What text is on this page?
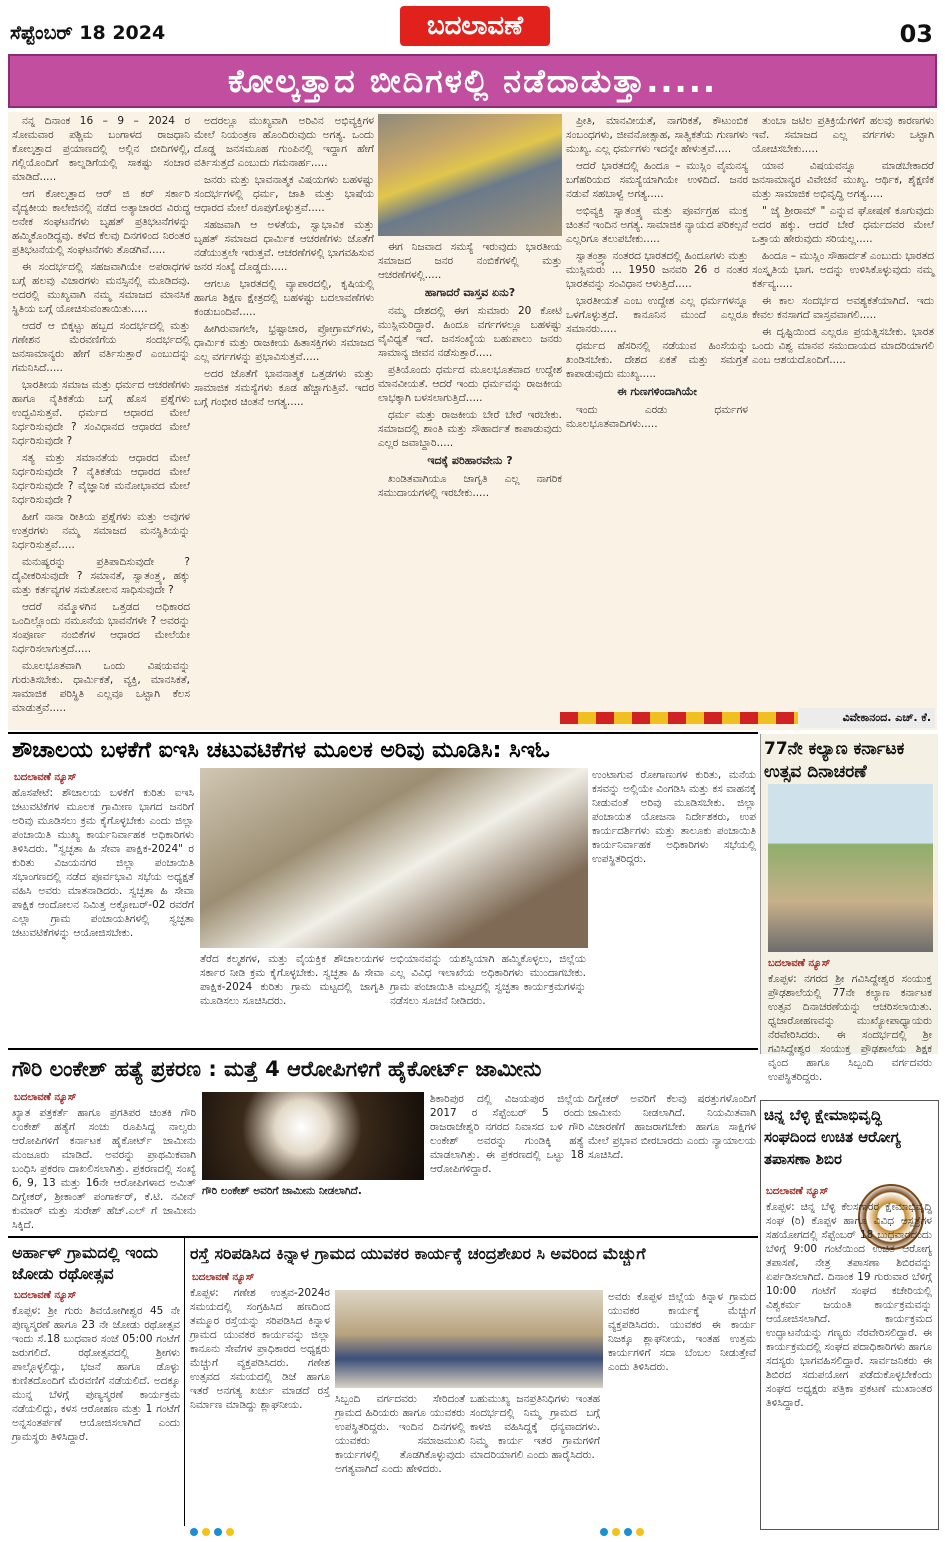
ಸೆಪ್ಟೆಂಬರ್ 18 2024	ಬದಲಾವಣೆ	03
ಕೋಲ್ಕತ್ತಾದ ಬೀದಿಗಳಲ್ಲಿ ನಡೆದಾಡುತ್ತಾ.....

ನನ್ನ ದಿನಾಂಕ 16 – 9 – 2024 ರ ಸೋಮವಾರ ಪಶ್ಚಿಮ ಬಂಗಾಳದ ರಾಜಧಾನಿ ಕೋಲ್ಕತ್ತಾದ ಪ್ರಯಾಣದಲ್ಲಿ ಅಲ್ಲಿನ ಬೀದಿಗಳಲ್ಲಿ, ಗಲ್ಲಿಯೊಂದಿಗೆ ಕಾಲ್ನಡಿಗೆಯಲ್ಲಿ ಸಾಕಷ್ಟು ಸಂಚಾರ ಮಾಡಿದೆ.....

ಆಗ ಕೋಲ್ಕತ್ತಾದ ಆರ್ ಜಿ ಕರ್ ಸರ್ಕಾರಿ ವೈದ್ಯಕೀಯ ಕಾಲೇಜಿನಲ್ಲಿ ನಡೆದ ಅತ್ಯಾಚಾರದ ವಿರುದ್ಧ ಅನೇಕ ಸಂಘಟನೆಗಳು ಬೃಹತ್ ಪ್ರತಿಭಟನೆಗಳನ್ನು ಹಮ್ಮಿಕೊಂಡಿದ್ದವು. ಕಳೆದ ಕೆಲವು ದಿನಗಳಿಂದ ನಿರಂತರ ಪ್ರತಿಭಟನೆಯಲ್ಲಿ ಸಂಘಟನೆಗಳು ತೊಡಗಿವೆ.....

ಈ ಸಂದರ್ಭದಲ್ಲಿ ಸಹಜವಾಗಿಯೇ ಅಪರಾಧಗಳ ಬಗ್ಗೆ ಹಲವು ವಿಚಾರಗಳು ಮನಸ್ಸಿನಲ್ಲಿ ಮೂಡಿದವು. ಅದರಲ್ಲಿ ಮುಖ್ಯವಾಗಿ ನಮ್ಮ ಸಮಾಜದ ಮಾನಸಿಕ ಸ್ಥಿತಿಯ ಬಗ್ಗೆ ಯೋಚಿಸುವಂತಾಯಿತು.....

ಆದರೆ ಆ ಬಿಕ್ಕಟ್ಟು ಹಬ್ಬದ ಸಂದರ್ಭದಲ್ಲಿ ಮತ್ತು ಗಣೇಶನ ಮೆರವಣಿಗೆಯ ಸಂದರ್ಭದಲ್ಲಿ ಜನಸಾಮಾನ್ಯರು ಹೇಗೆ ವರ್ತಿಸುತ್ತಾರೆ ಎಂಬುದನ್ನು ಗಮನಿಸಿದೆ.....

ಭಾರತೀಯ ಸಮಾಜ ಮತ್ತು ಧರ್ಮದ ಆಚರಣೆಗಳು ಹಾಗೂ ನೈತಿಕತೆಯ ಬಗ್ಗೆ ಹೊಸ ಪ್ರಶ್ನೆಗಳು ಉದ್ಭವಿಸುತ್ತವೆ. ಧರ್ಮದ ಆಧಾರದ ಮೇಲೆ ನಿರ್ಧರಿಸುವುದೇ ? ಸಂವಿಧಾನದ ಆಧಾರದ ಮೇಲೆ ನಿರ್ಧರಿಸುವುದೇ ?

ಸತ್ಯ ಮತ್ತು ಸಮಾನತೆಯ ಆಧಾರದ ಮೇಲೆ ನಿರ್ಧರಿಸುವುದೇ ? ನೈತಿಕತೆಯ ಆಧಾರದ ಮೇಲೆ ನಿರ್ಧರಿಸುವುದೇ ? ವೈಜ್ಞಾನಿಕ ಮನೋಭಾವದ ಮೇಲೆ ನಿರ್ಧರಿಸುವುದೇ ?

ಹೀಗೆ ನಾನಾ ರೀತಿಯ ಪ್ರಶ್ನೆಗಳು ಮತ್ತು ಅವುಗಳ ಉತ್ತರಗಳು ನಮ್ಮ ಸಮಾಜದ ಮನಸ್ಥಿತಿಯನ್ನು ನಿರ್ಧರಿಸುತ್ತವೆ.....

ಮನುಷ್ಯರನ್ನು ಪ್ರತಿಪಾದಿಸುವುದೇ ? ದೈವೀಕರಿಸುವುದೇ ? ಸಮಾನತೆ, ಸ್ವಾತಂತ್ರ್ಯ, ಹಕ್ಕು ಮತ್ತು ಕರ್ತವ್ಯಗಳ ಸಮತೋಲನ ಸಾಧಿಸುವುದೇ ?

ಆದರೆ ನಮ್ಮೊಳಗಿನ ಒತ್ತಡದ ಅಧಿಕಾರದ ಒಂದಿಲ್ಲೊಂದು ನಮೂನೆಯ ಭಾವನೆಗಳೇ ? ಅವರನ್ನು ಸಂಪೂರ್ಣ ನಂಬಿಕೆಗಳ ಆಧಾರದ ಮೇಲೆಯೇ ನಿರ್ಧರಿಸಲಾಗುತ್ತದೆ.....

ಮೂಲಭೂತವಾಗಿ ಒಂದು ವಿಷಯವನ್ನು ಗುರುತಿಸಬೇಕು. ಧಾರ್ಮಿಕತೆ, ವ್ಯಕ್ತಿ, ಮಾನಸಿಕತೆ, ಸಾಮಾಜಿಕ ಪರಿಸ್ಥಿತಿ ಎಲ್ಲವೂ ಒಟ್ಟಾಗಿ ಕೆಲಸ ಮಾಡುತ್ತವೆ.....

ಅದರಲ್ಲೂ ಮುಖ್ಯವಾಗಿ ಅರಿವಿನ ಅಭಿವ್ಯಕ್ತಿಗಳ ಮೇಲೆ ನಿಯಂತ್ರಣ ಹೊಂದಿರುವುದು ಅಗತ್ಯ. ಒಂದು ದೊಡ್ಡ ಜನಸಮೂಹ ಗುಂಪಿನಲ್ಲಿ ಇದ್ದಾಗ ಹೇಗೆ ವರ್ತಿಸುತ್ತದೆ ಎಂಬುದು ಗಮನಾರ್ಹ.....

ಜನರು ಮತ್ತು ಭಾವನಾತ್ಮಕ ವಿಷಯಗಳು ಬಹಳಷ್ಟು ಸಂದರ್ಭಗಳಲ್ಲಿ ಧರ್ಮ, ಜಾತಿ ಮತ್ತು ಭಾಷೆಯ ಆಧಾರದ ಮೇಲೆ ರೂಪುಗೊಳ್ಳುತ್ತವೆ.....

ಸಹಜವಾಗಿ ಆ ಅಳತೆಯ, ಸ್ವಾಭಾವಿಕ ಮತ್ತು ಬೃಹತ್ ಸಮಾಜದ ಧಾರ್ಮಿಕ ಆಚರಣೆಗಳು ಜೊತೆಗೆ ನಡೆಯುತ್ತಲೇ ಇರುತ್ತವೆ. ಆಚರಣೆಗಳಲ್ಲಿ ಭಾಗವಹಿಸುವ ಜನರ ಸಂಖ್ಯೆ ದೊಡ್ಡದು.....

ಆಗಲೂ ಭಾರತದಲ್ಲಿ ವ್ಯಾಪಾರದಲ್ಲಿ, ಕೃಷಿಯಲ್ಲಿ ಹಾಗೂ ಶಿಕ್ಷಣ ಕ್ಷೇತ್ರದಲ್ಲಿ ಬಹಳಷ್ಟು ಬದಲಾವಣೆಗಳು ಕಂಡುಬಂದಿವೆ.....

ಹೀಗಿರುವಾಗಲೇ, ಭ್ರಷ್ಟಾಚಾರ, ಪ್ರೋಗ್ರಾಮ್‌ಗಳು, ಧಾರ್ಮಿಕ ಮತ್ತು ರಾಜಕೀಯ ಹಿತಾಸಕ್ತಿಗಳು ಸಮಾಜದ ಎಲ್ಲ ವರ್ಗಗಳನ್ನು ಪ್ರಭಾವಿಸುತ್ತವೆ.....

ಅದರ ಜೊತೆಗೆ ಭಾವನಾತ್ಮಕ ಒತ್ತಡಗಳು ಮತ್ತು ಸಾಮಾಜಿಕ ಸಮಸ್ಯೆಗಳು ಕೂಡ ಹೆಚ್ಚಾಗುತ್ತಿವೆ. ಇದರ ಬಗ್ಗೆ ಗಂಭೀರ ಚಿಂತನೆ ಅಗತ್ಯ.....

ಈಗ ನಿಜವಾದ ಸಮಸ್ಯೆ ಇರುವುದು ಭಾರತೀಯ ಸಮಾಜದ ಜನರ ನಂಬಿಕೆಗಳಲ್ಲಿ ಮತ್ತು ಆಚರಣೆಗಳಲ್ಲಿ.....

ಹಾಗಾದರೆ ವಾಸ್ತವ ಏನು?

ನಮ್ಮ ದೇಶದಲ್ಲಿ ಈಗ ಸುಮಾರು 20 ಕೋಟಿ ಮುಸ್ಲಿಮರಿದ್ದಾರೆ. ಹಿಂದೂ ವರ್ಗಗಳಲ್ಲೂ ಬಹಳಷ್ಟು ವೈವಿಧ್ಯತೆ ಇದೆ. ಜನಸಂಖ್ಯೆಯ ಬಹುಪಾಲು ಜನರು ಸಾಮಾನ್ಯ ಜೀವನ ನಡೆಸುತ್ತಾರೆ.....

ಪ್ರತಿಯೊಂದು ಧರ್ಮದ ಮೂಲಭೂತವಾದ ಉದ್ದೇಶ ಮಾನವೀಯತೆ. ಆದರೆ ಇಂದು ಧರ್ಮವನ್ನು ರಾಜಕೀಯ ಲಾಭಕ್ಕಾಗಿ ಬಳಸಲಾಗುತ್ತಿದೆ.....

ಧರ್ಮ ಮತ್ತು ರಾಜಕೀಯ ಬೇರೆ ಬೇರೆ ಇರಬೇಕು. ಸಮಾಜದಲ್ಲಿ ಶಾಂತಿ ಮತ್ತು ಸೌಹಾರ್ದತೆ ಕಾಪಾಡುವುದು ಎಲ್ಲರ ಜವಾಬ್ದಾರಿ.....

ಇದಕ್ಕೆ ಪರಿಹಾರವೇನು ?

ಖಂಡಿತವಾಗಿಯೂ ಜಾಗೃತಿ ಎಲ್ಲ ನಾಗರಿಕ ಸಮುದಾಯಗಳಲ್ಲಿ ಇರಬೇಕು.....

ಪ್ರೀತಿ, ಮಾನವೀಯತೆ, ನಾಗರಿಕತೆ, ಕೌಟುಂಬಿಕ ಸಂಬಂಧಗಳು, ಜೀವನೋತ್ಸಾಹ, ಸಾತ್ವಿಕತೆಯ ಗುಣಗಳು ಮುಖ್ಯ. ಎಲ್ಲ ಧರ್ಮಗಳು ಇದನ್ನೇ ಹೇಳುತ್ತವೆ.....

ಆದರೆ ಭಾರತದಲ್ಲಿ ಹಿಂದೂ – ಮುಸ್ಲಿಂ ವೈಮನಸ್ಯ ಬಗೆಹರಿಯದ ಸಮಸ್ಯೆಯಾಗಿಯೇ ಉಳಿದಿದೆ. ಜನರ ನಡುವೆ ಸಹಬಾಳ್ವೆ ಅಗತ್ಯ.....

ಅಭಿವ್ಯಕ್ತಿ ಸ್ವಾತಂತ್ರ್ಯ ಮತ್ತು ಪೂರ್ವಗ್ರಹ ಮುಕ್ತ ಚಿಂತನೆ ಇಂದಿನ ಅಗತ್ಯ. ಸಾಮಾಜಿಕ ನ್ಯಾಯದ ಪರಿಕಲ್ಪನೆ ಎಲ್ಲರಿಗೂ ತಲುಪಬೇಕು.....

ಸ್ವಾತಂತ್ರ್ಯಾ ನಂತರದ ಭಾರತದಲ್ಲಿ ಹಿಂದೂಗಳು ಮತ್ತು ಮುಸ್ಲಿಮರು ... 1950 ಜನವರಿ 26 ರ ನಂತರ ಭಾರತವನ್ನು ಸಂವಿಧಾನ ಆಳುತ್ತಿದೆ.....

ಭಾರತೀಯತೆ ಎಂಬ ಉದ್ದೇಶ ಎಲ್ಲ ಧರ್ಮಗಳನ್ನೂ ಒಳಗೊಳ್ಳುತ್ತದೆ. ಕಾನೂನಿನ ಮುಂದೆ ಎಲ್ಲರೂ ಸಮಾನರು.....

ಧರ್ಮದ ಹೆಸರಿನಲ್ಲಿ ನಡೆಯುವ ಹಿಂಸೆಯನ್ನು ಖಂಡಿಸಬೇಕು. ದೇಶದ ಏಕತೆ ಮತ್ತು ಸಮಗ್ರತೆ ಕಾಪಾಡುವುದು ಮುಖ್ಯ.....

ಈ ಗುಣಗಳಿಂದಾಗಿಯೇ

ಇಂದು ಎರಡು ಧರ್ಮಗಳ ಮೂಲಭೂತವಾದಿಗಳು.....

ತುಂಬಾ ಜಟಿಲ ಪ್ರತಿಕ್ರಿಯೆಗಳಿಗೆ ಹಲವು ಕಾರಣಗಳು ಇವೆ. ಸಮಾಜದ ಎಲ್ಲ ವರ್ಗಗಳು ಒಟ್ಟಾಗಿ ಯೋಚಿಸಬೇಕು.....

ಯಾವ ವಿಷಯವನ್ನೂ ಮಾಡಬೇಕಾದರೆ ಜನಸಾಮಾನ್ಯರ ವಿವೇಚನೆ ಮುಖ್ಯ. ಆರ್ಥಿಕ, ಶೈಕ್ಷಣಿಕ ಮತ್ತು ಸಾಮಾಜಿಕ ಅಭಿವೃದ್ಧಿ ಅಗತ್ಯ.....

" ಜೈ ಶ್ರೀರಾಮ್ " ಎನ್ನುವ ಘೋಷಣೆ ಕೂಗುವುದು ಅದರ ಹಕ್ಕು. ಆದರೆ ಬೇರೆ ಧರ್ಮದವರ ಮೇಲೆ ಒತ್ತಾಯ ಹೇರುವುದು ಸರಿಯಲ್ಲ.....

ಹಿಂದೂ – ಮುಸ್ಲಿಂ ಸೌಹಾರ್ದತೆ ಎಂಬುದು ಭಾರತದ ಸಂಸ್ಕೃತಿಯ ಭಾಗ. ಅದನ್ನು ಉಳಿಸಿಕೊಳ್ಳುವುದು ನಮ್ಮ ಕರ್ತವ್ಯ.....

ಈ ಕಾಲ ಸಂದರ್ಭದ ಅವಶ್ಯಕತೆಯಾಗಿದೆ. ಇದು ಕೇವಲ ಕನಸಾಗದೆ ವಾಸ್ತವವಾಗಲಿ.....

ಈ ದೃಷ್ಟಿಯಿಂದ ಎಲ್ಲರೂ ಪ್ರಯತ್ನಿಸಬೇಕು. ಭಾರತ ಒಂದು ವಿಶ್ವ ಮಾನವ ಸಮುದಾಯದ ಮಾದರಿಯಾಗಲಿ ಎಂಬ ಆಶಯದೊಂದಿಗೆ.....

ವಿವೇಕಾನಂದ. ಎಚ್. ಕೆ.
ಶೌಚಾಲಯ ಬಳಕೆಗೆ ಐಇಸಿ ಚಟುವಟಿಕೆಗಳ ಮೂಲಕ ಅರಿವು ಮೂಡಿಸಿ: ಸಿಇಓ
ಬದಲಾವಣೆ ನ್ಯೂಸ್
ಹೊಸಪೇಟೆ: ಶೌಚಾಲಯ ಬಳಕೆಗೆ ಕುರಿತು ಐಇಸಿ ಚಟುವಟಿಕೆಗಳ ಮೂಲಕ ಗ್ರಾಮೀಣ ಭಾಗದ ಜನರಿಗೆ ಅರಿವು ಮೂಡಿಸಲು ಕ್ರಮ ಕೈಗೊಳ್ಳಬೇಕು ಎಂದು ಜಿಲ್ಲಾ ಪಂಚಾಯಿತಿ ಮುಖ್ಯ ಕಾರ್ಯನಿರ್ವಾಹಕ ಅಧಿಕಾರಿಗಳು ತಿಳಿಸಿದರು. "ಸ್ವಚ್ಛತಾ ಹಿ ಸೇವಾ ಪಾಕ್ಷಿಕ-2024" ರ ಕುರಿತು ವಿಜಯನಗರ ಜಿಲ್ಲಾ ಪಂಚಾಯಿತಿ ಸಭಾಂಗಣದಲ್ಲಿ ನಡೆದ ಪೂರ್ವಭಾವಿ ಸಭೆಯ ಅಧ್ಯಕ್ಷತೆ ವಹಿಸಿ ಅವರು ಮಾತನಾಡಿದರು. ಸ್ವಚ್ಛತಾ ಹಿ ಸೇವಾ ಪಾಕ್ಷಿಕ ಆಂದೋಲನ ನಿಮಿತ್ತ ಅಕ್ಟೋಬರ್-02 ರವರೆಗೆ ಎಲ್ಲಾ ಗ್ರಾಮ ಪಂಚಾಯತಿಗಳಲ್ಲಿ ಸ್ವಚ್ಛತಾ ಚಟುವಟಿಕೆಗಳನ್ನು ಆಯೋಜಿಸಬೇಕು.
ತೆರೆದ ಕಲ್ಮಶಗಳ, ಮತ್ತು ವೈಯಕ್ತಿಕ ಶೌಚಾಲಯಗಳ ಸರ್ಕಾರ ನೀಡಿ ಕ್ರಮ ಕೈಗೊಳ್ಳಬೇಕು. ಸ್ವಚ್ಛತಾ ಹಿ ಸೇವಾ ಪಾಕ್ಷಿಕ-2024 ಕುರಿತು ಗ್ರಾಮ ಮಟ್ಟದಲ್ಲಿ ಜಾಗೃತಿ ಮೂಡಿಸಲು ಸೂಚಿಸಿದರು.
ಅಭಿಯಾನವನ್ನು ಯಶಸ್ವಿಯಾಗಿ ಹಮ್ಮಿಕೊಳ್ಳಲು, ಜಿಲ್ಲೆಯ ಎಲ್ಲ ವಿವಿಧ ಇಲಾಖೆಯ ಅಧಿಕಾರಿಗಳು ಮುಂದಾಗಬೇಕು. ಗ್ರಾಮ ಪಂಚಾಯಿತಿ ಮಟ್ಟದಲ್ಲಿ ಸ್ವಚ್ಛತಾ ಕಾರ್ಯಕ್ರಮಗಳನ್ನು ನಡೆಸಲು ಸೂಚನೆ ನೀಡಿದರು.
ಉಂಟಾಗುವ ರೋಗಾಣುಗಳ ಕುರಿತು, ಮನೆಯ ಕಸವನ್ನು ಅಲ್ಲಿಯೇ ವಿಂಗಡಿಸಿ ಮತ್ತು ಕಸ ವಾಹನಕ್ಕೆ ನೀಡುವಂತೆ ಅರಿವು ಮೂಡಿಸಬೇಕು. ಜಿಲ್ಲಾ ಪಂಚಾಯತ ಯೋಜನಾ ನಿರ್ದೇಶಕರು, ಉಪ ಕಾರ್ಯದರ್ಶಿಗಳು ಮತ್ತು ತಾಲೂಕು ಪಂಚಾಯಿತಿ ಕಾರ್ಯನಿರ್ವಾಹಕ ಅಧಿಕಾರಿಗಳು ಸಭೆಯಲ್ಲಿ ಉಪಸ್ಥಿತರಿದ್ದರು.
77ನೇ ಕಲ್ಯಾಣ ಕರ್ನಾಟಕ ಉತ್ಸವ ದಿನಾಚರಣೆ
ಬದಲಾವಣೆ ನ್ಯೂಸ್
ಕೊಪ್ಪಳ: ನಗರದ ಶ್ರೀ ಗವಿಸಿದ್ದೇಶ್ವರ ಸಂಯುಕ್ತ ಪ್ರೌಢಶಾಲೆಯಲ್ಲಿ 77ನೇ ಕಲ್ಯಾಣ ಕರ್ನಾಟಕ ಉತ್ಸವ ದಿನಾಚರಣೆಯನ್ನು ಆಚರಿಸಲಾಯಿತು. ಧ್ವಜಾರೋಹಣವನ್ನು ಮುಖ್ಯೋಪಾಧ್ಯಾಯರು ನೆರವೇರಿಸಿದರು. ಈ ಸಂದರ್ಭದಲ್ಲಿ ಶ್ರೀ ಗವಿಸಿದ್ದೇಶ್ವರ ಸಂಯುಕ್ತ ಪ್ರೌಢಶಾಲೆಯ ಶಿಕ್ಷಕ ವೃಂದ ಹಾಗೂ ಸಿಬ್ಬಂದಿ ವರ್ಗದವರು ಉಪಸ್ಥಿತರಿದ್ದರು.
ಗೌರಿ ಲಂಕೇಶ್ ಹತ್ಯೆ ಪ್ರಕರಣ : ಮತ್ತೆ 4 ಆರೋಪಿಗಳಿಗೆ ಹೈಕೋರ್ಟ್ ಜಾಮೀನು
ಬದಲಾವಣೆ ನ್ಯೂಸ್
ಖ್ಯಾತ ಪತ್ರಕರ್ತೆ ಹಾಗೂ ಪ್ರಗತಿಪರ ಚಿಂತಕಿ ಗೌರಿ ಲಂಕೇಶ್ ಹತ್ಯೆಗೆ ಸಂಚು ರೂಪಿಸಿದ್ದ ನಾಲ್ವರು ಆರೋಪಿಗಳಿಗೆ ಕರ್ನಾಟಕ ಹೈಕೋರ್ಟ್ ಜಾಮೀನು ಮಂಜೂರು ಮಾಡಿದೆ. ಅವರನ್ನು ಪ್ರಾಥಮಿಕವಾಗಿ ಬಂಧಿಸಿ ಪ್ರಕರಣ ದಾಖಲಿಸಲಾಗಿತ್ತು. ಪ್ರಕರಣದಲ್ಲಿ ಸಂಖ್ಯೆ 6, 9, 13 ಮತ್ತು 16ನೇ ಆರೋಪಿಗಳಾದ ಅಮಿತ್ ದಿಗ್ವೇಕರ್, ಶ್ರೀಕಾಂತ್ ಪಂಗಾರ್ಕರ್, ಕೆ.ಟಿ. ನವೀನ್ ಕುಮಾರ್ ಮತ್ತು ಸುರೇಶ್ ಹೆಚ್.ಎಲ್ ಗೆ ಜಾಮೀನು ಸಿಕ್ಕಿದೆ.
ಗೌರಿ ಲಂಕೇಶ್ ಅವರಿಗೆ ಜಾಮೀನು ನೀಡಲಾಗಿದೆ.
ಶಿಕಾರಿಪುರ ದಲ್ಲಿ ವಿಜಯಪುರ ಜಿಲ್ಲೆಯ 2017 ರ ಸೆಪ್ಟೆಂಬರ್ 5 ರಂದು ರಾಜರಾಜೇಶ್ವರಿ ನಗರದ ನಿವಾಸದ ಬಳಿ ಗೌರಿ ಲಂಕೇಶ್ ಅವರನ್ನು ಗುಂಡಿಕ್ಕಿ ಹತ್ಯೆ ಮಾಡಲಾಗಿತ್ತು. ಈ ಪ್ರಕರಣದಲ್ಲಿ ಒಟ್ಟು 18 ಆರೋಪಿಗಳಿದ್ದಾರೆ.
ದಿಗ್ವೇಕರ್ ಅವರಿಗೆ ಕೆಲವು ಷರತ್ತುಗಳೊಂದಿಗೆ ಜಾಮೀನು ನೀಡಲಾಗಿದೆ. ನಿಯಮಿತವಾಗಿ ವಿಚಾರಣೆಗೆ ಹಾಜರಾಗಬೇಕು ಹಾಗೂ ಸಾಕ್ಷಿಗಳ ಮೇಲೆ ಪ್ರಭಾವ ಬೀರಬಾರದು ಎಂದು ನ್ಯಾಯಾಲಯ ಸೂಚಿಸಿದೆ.
ಚಿನ್ನ ಬೆಳ್ಳಿ ಕ್ಷೇಮಾಭಿವೃದ್ಧಿ ಸಂಘದಿಂದ ಉಚಿತ ಆರೋಗ್ಯ ತಪಾಸಣಾ ಶಿಬಿರ
ಬದಲಾವಣೆ ನ್ಯೂಸ್
ಕೊಪ್ಪಳ: ಚಿನ್ನ ಬೆಳ್ಳಿ ಕೆಲಸಗಾರರ ಕ್ಷೇಮಾಭಿವೃದ್ಧಿ ಸಂಘ (ರಿ) ಕೊಪ್ಪಳ ಹಾಗೂ ವಿವಿಧ ಆಸ್ಪತ್ರೆಗಳ ಸಹಯೋಗದಲ್ಲಿ ಸೆಪ್ಟೆಂಬರ್ 18 ಬುಧವಾರದಂದು ಬೆಳಿಗ್ಗೆ 9:00 ಗಂಟೆಯಿಂದ ಉಚಿತ ಆರೋಗ್ಯ ತಪಾಸಣೆ, ನೇತ್ರ ತಪಾಸಣಾ ಶಿಬಿರವನ್ನು ಏರ್ಪಡಿಸಲಾಗಿದೆ. ದಿನಾಂಕ 19 ಗುರುವಾರ ಬೆಳಿಗ್ಗೆ 10:00 ಗಂಟೆಗೆ ಸಂಘದ ಕಚೇರಿಯಲ್ಲಿ ವಿಶ್ವಕರ್ಮ ಜಯಂತಿ ಕಾರ್ಯಕ್ರಮವನ್ನು ಆಯೋಜಿಸಲಾಗಿದೆ. ಕಾರ್ಯಕ್ರಮದ ಉದ್ಘಾಟನೆಯನ್ನು ಗಣ್ಯರು ನೆರವೇರಿಸಲಿದ್ದಾರೆ. ಈ ಕಾರ್ಯಕ್ರಮದಲ್ಲಿ ಸಂಘದ ಪದಾಧಿಕಾರಿಗಳು ಹಾಗೂ ಸದಸ್ಯರು ಭಾಗವಹಿಸಲಿದ್ದಾರೆ. ಸಾರ್ವಜನಿಕರು ಈ ಶಿಬಿರದ ಸದುಪಯೋಗ ಪಡೆದುಕೊಳ್ಳಬೇಕೆಂದು ಸಂಘದ ಅಧ್ಯಕ್ಷರು ಪತ್ರಿಕಾ ಪ್ರಕಟಣೆ ಮುಖಾಂತರ ತಿಳಿಸಿದ್ದಾರೆ.
ಅರ್ಹಾಳ್ ಗ್ರಾಮದಲ್ಲಿ ಇಂದು ಜೋಡು ರಥೋತ್ಸವ
ಬದಲಾವಣೆ ನ್ಯೂಸ್
ಕೊಪ್ಪಳ: ಶ್ರೀ ಗುರು ಶಿವಯೋಗೀಶ್ವರ 45 ನೇ ಪುಣ್ಯಸ್ಮರಣೆ ಹಾಗೂ 23 ನೇ ಜೋಡು ರಥೋತ್ಸವ ಇಂದು ಸೆ.18 ಬುಧವಾರ ಸಂಜೆ 05:00 ಗಂಟೆಗೆ ಜರುಗಲಿದೆ. ರಥೋತ್ಸವದಲ್ಲಿ ಶ್ರೀಗಳು ಪಾಲ್ಗೊಳ್ಳಲಿದ್ದು, ಭಜನೆ ಹಾಗೂ ಡೊಳ್ಳು ಕುಣಿತದೊಂದಿಗೆ ಮೆರವಣಿಗೆ ನಡೆಯಲಿದೆ. ಅದಕ್ಕೂ ಮುನ್ನ ಬೆಳಗ್ಗೆ ಪುಣ್ಯಸ್ಮರಣೆ ಕಾರ್ಯಕ್ರಮ ನಡೆಯಲಿದ್ದು, ಕಳಸ ಆರೋಹಣ ಮತ್ತು 1 ಗಂಟೆಗೆ ಅನ್ನಸಂತರ್ಪಣೆ ಆಯೋಜಿಸಲಾಗಿದೆ ಎಂದು ಗ್ರಾಮಸ್ಥರು ತಿಳಿಸಿದ್ದಾರೆ.
ರಸ್ತೆ ಸರಿಪಡಿಸಿದ ಕಿನ್ನಾಳ ಗ್ರಾಮದ ಯುವಕರ ಕಾರ್ಯಕ್ಕೆ ಚಂದ್ರಶೇಖರ ಸಿ ಅವರಿಂದ ಮೆಚ್ಚುಗೆ
ಬದಲಾವಣೆ ನ್ಯೂಸ್
ಕೊಪ್ಪಳ: ಗಣೇಶ ಉತ್ಸವ-2024ರ ಸಮಯದಲ್ಲಿ ಸಂಗ್ರಹಿಸಿದ ಹಣದಿಂದ ತಮ್ಮೂರ ರಸ್ತೆಯನ್ನು ಸರಿಪಡಿಸಿದ ಕಿನ್ನಾಳ ಗ್ರಾಮದ ಯುವಕರ ಕಾರ್ಯವನ್ನು ಜಿಲ್ಲಾ ಕಾನೂನು ಸೇವೆಗಳ ಪ್ರಾಧಿಕಾರದ ಅಧ್ಯಕ್ಷರು ಮೆಚ್ಚುಗೆ ವ್ಯಕ್ತಪಡಿಸಿದರು. ಗಣೇಶ ಉತ್ಸವದ ಸಮಯದಲ್ಲಿ ಡಿಜೆ ಹಾಗೂ ಇತರೆ ಅನಗತ್ಯ ಖರ್ಚು ಮಾಡದೆ ರಸ್ತೆ ನಿರ್ಮಾಣ ಮಾಡಿದ್ದು ಶ್ಲಾಘನೀಯ.	ಸಿಬ್ಬಂದಿ ವರ್ಗದವರು ಸೇರಿದಂತೆ ಗ್ರಾಮದ ಹಿರಿಯರು ಹಾಗೂ ಯುವಕರು ಉಪಸ್ಥಿತರಿದ್ದರು. ಇಂದಿನ ದಿನಗಳಲ್ಲಿ ಯುವಕರು ಸಮಾಜಮುಖಿ ಕಾರ್ಯಗಳಲ್ಲಿ ತೊಡಗಿಕೊಳ್ಳುವುದು ಅಗತ್ಯವಾಗಿದೆ ಎಂದು ಹೇಳಿದರು.
ಬಹುಮುಖ್ಯ ಜನಪ್ರತಿನಿಧಿಗಳು ಇಂತಹ ಸಂದರ್ಭದಲ್ಲಿ ನಿಮ್ಮ ಗ್ರಾಮದ ಬಗ್ಗೆ ಕಾಳಜಿ ವಹಿಸಿದ್ದಕ್ಕೆ ಧನ್ಯವಾದಗಳು. ನಿಮ್ಮ ಕಾರ್ಯ ಇತರ ಗ್ರಾಮಗಳಿಗೆ ಮಾದರಿಯಾಗಲಿ ಎಂದು ಹಾರೈಸಿದರು.
ಅವರು ಕೊಪ್ಪಳ ಜಿಲ್ಲೆಯ ಕಿನ್ನಾಳ ಗ್ರಾಮದ ಯುವಕರ ಕಾರ್ಯಕ್ಕೆ ಮೆಚ್ಚುಗೆ ವ್ಯಕ್ತಪಡಿಸಿದರು. ಯುವಕರ ಈ ಕಾರ್ಯ ನಿಜಕ್ಕೂ ಶ್ಲಾಘನೀಯ, ಇಂತಹ ಉತ್ತಮ ಕಾರ್ಯಗಳಿಗೆ ಸದಾ ಬೆಂಬಲ ನೀಡುತ್ತೇವೆ ಎಂದು ತಿಳಿಸಿದರು.
